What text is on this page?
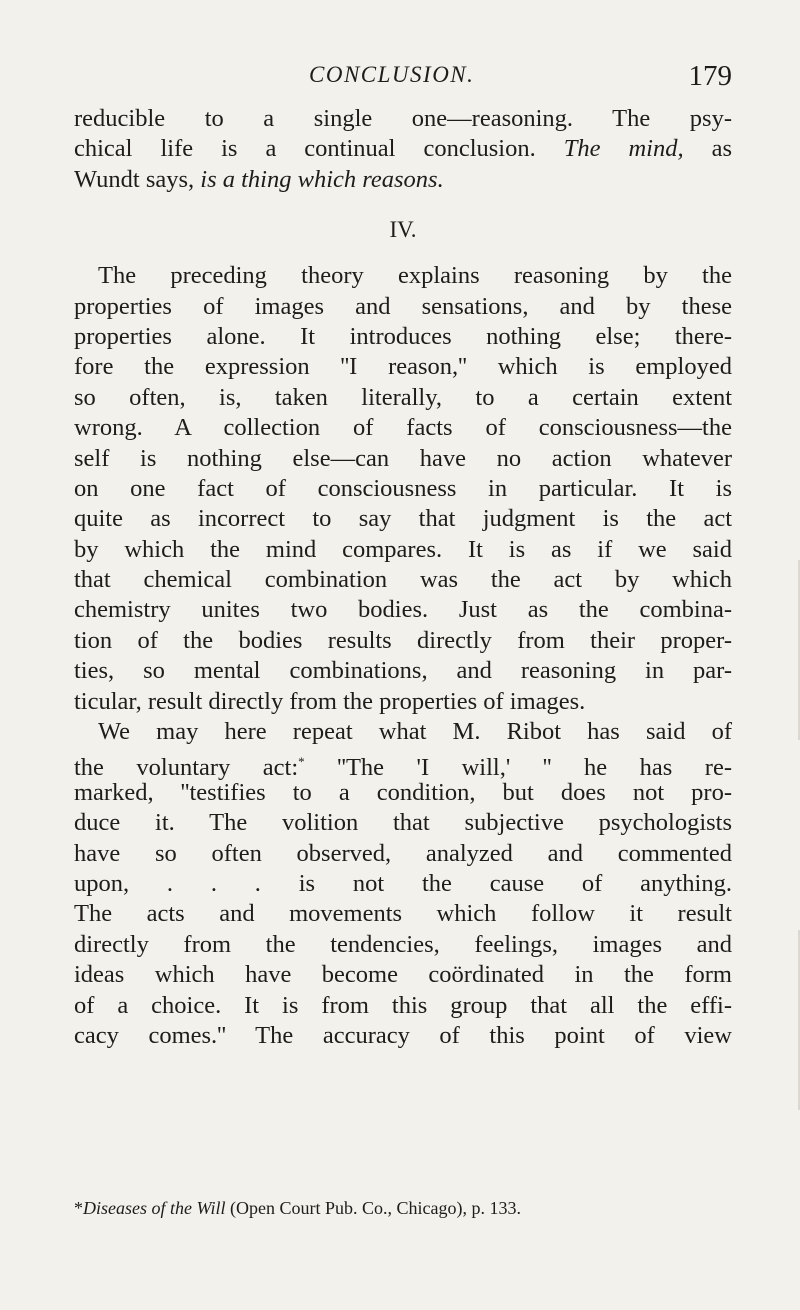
CONCLUSION.	179
reducible to a single one—reasoning. The psy-
chical life is a continual conclusion. The mind, as
Wundt says, is a thing which reasons.
IV.
The preceding theory explains reasoning by the
properties of images and sensations, and by these
properties alone. It introduces nothing else; there-
fore the expression ''I reason,'' which is employed
so often, is, taken literally, to a certain extent
wrong. A collection of facts of consciousness—the
self is nothing else—can have no action whatever
on one fact of consciousness in particular. It is
quite as incorrect to say that judgment is the act
by which the mind compares. It is as if we said
that chemical combination was the act by which
chemistry unites two bodies. Just as the combina-
tion of the bodies results directly from their proper-
ties, so mental combinations, and reasoning in par-
ticular, result directly from the properties of images.
We may here repeat what M. Ribot has said of
the voluntary act:* ''The 'I will,' '' he has re-
marked, ''testifies to a condition, but does not pro-
duce it. The volition that subjective psychologists
have so often observed, analyzed and commented
upon, . . . is not the cause of anything.
The acts and movements which follow it result
directly from the tendencies, feelings, images and
ideas which have become coördinated in the form
of a choice. It is from this group that all the effi-
cacy comes.'' The accuracy of this point of view
*Diseases of the Will (Open Court Pub. Co., Chicago), p. 133.
